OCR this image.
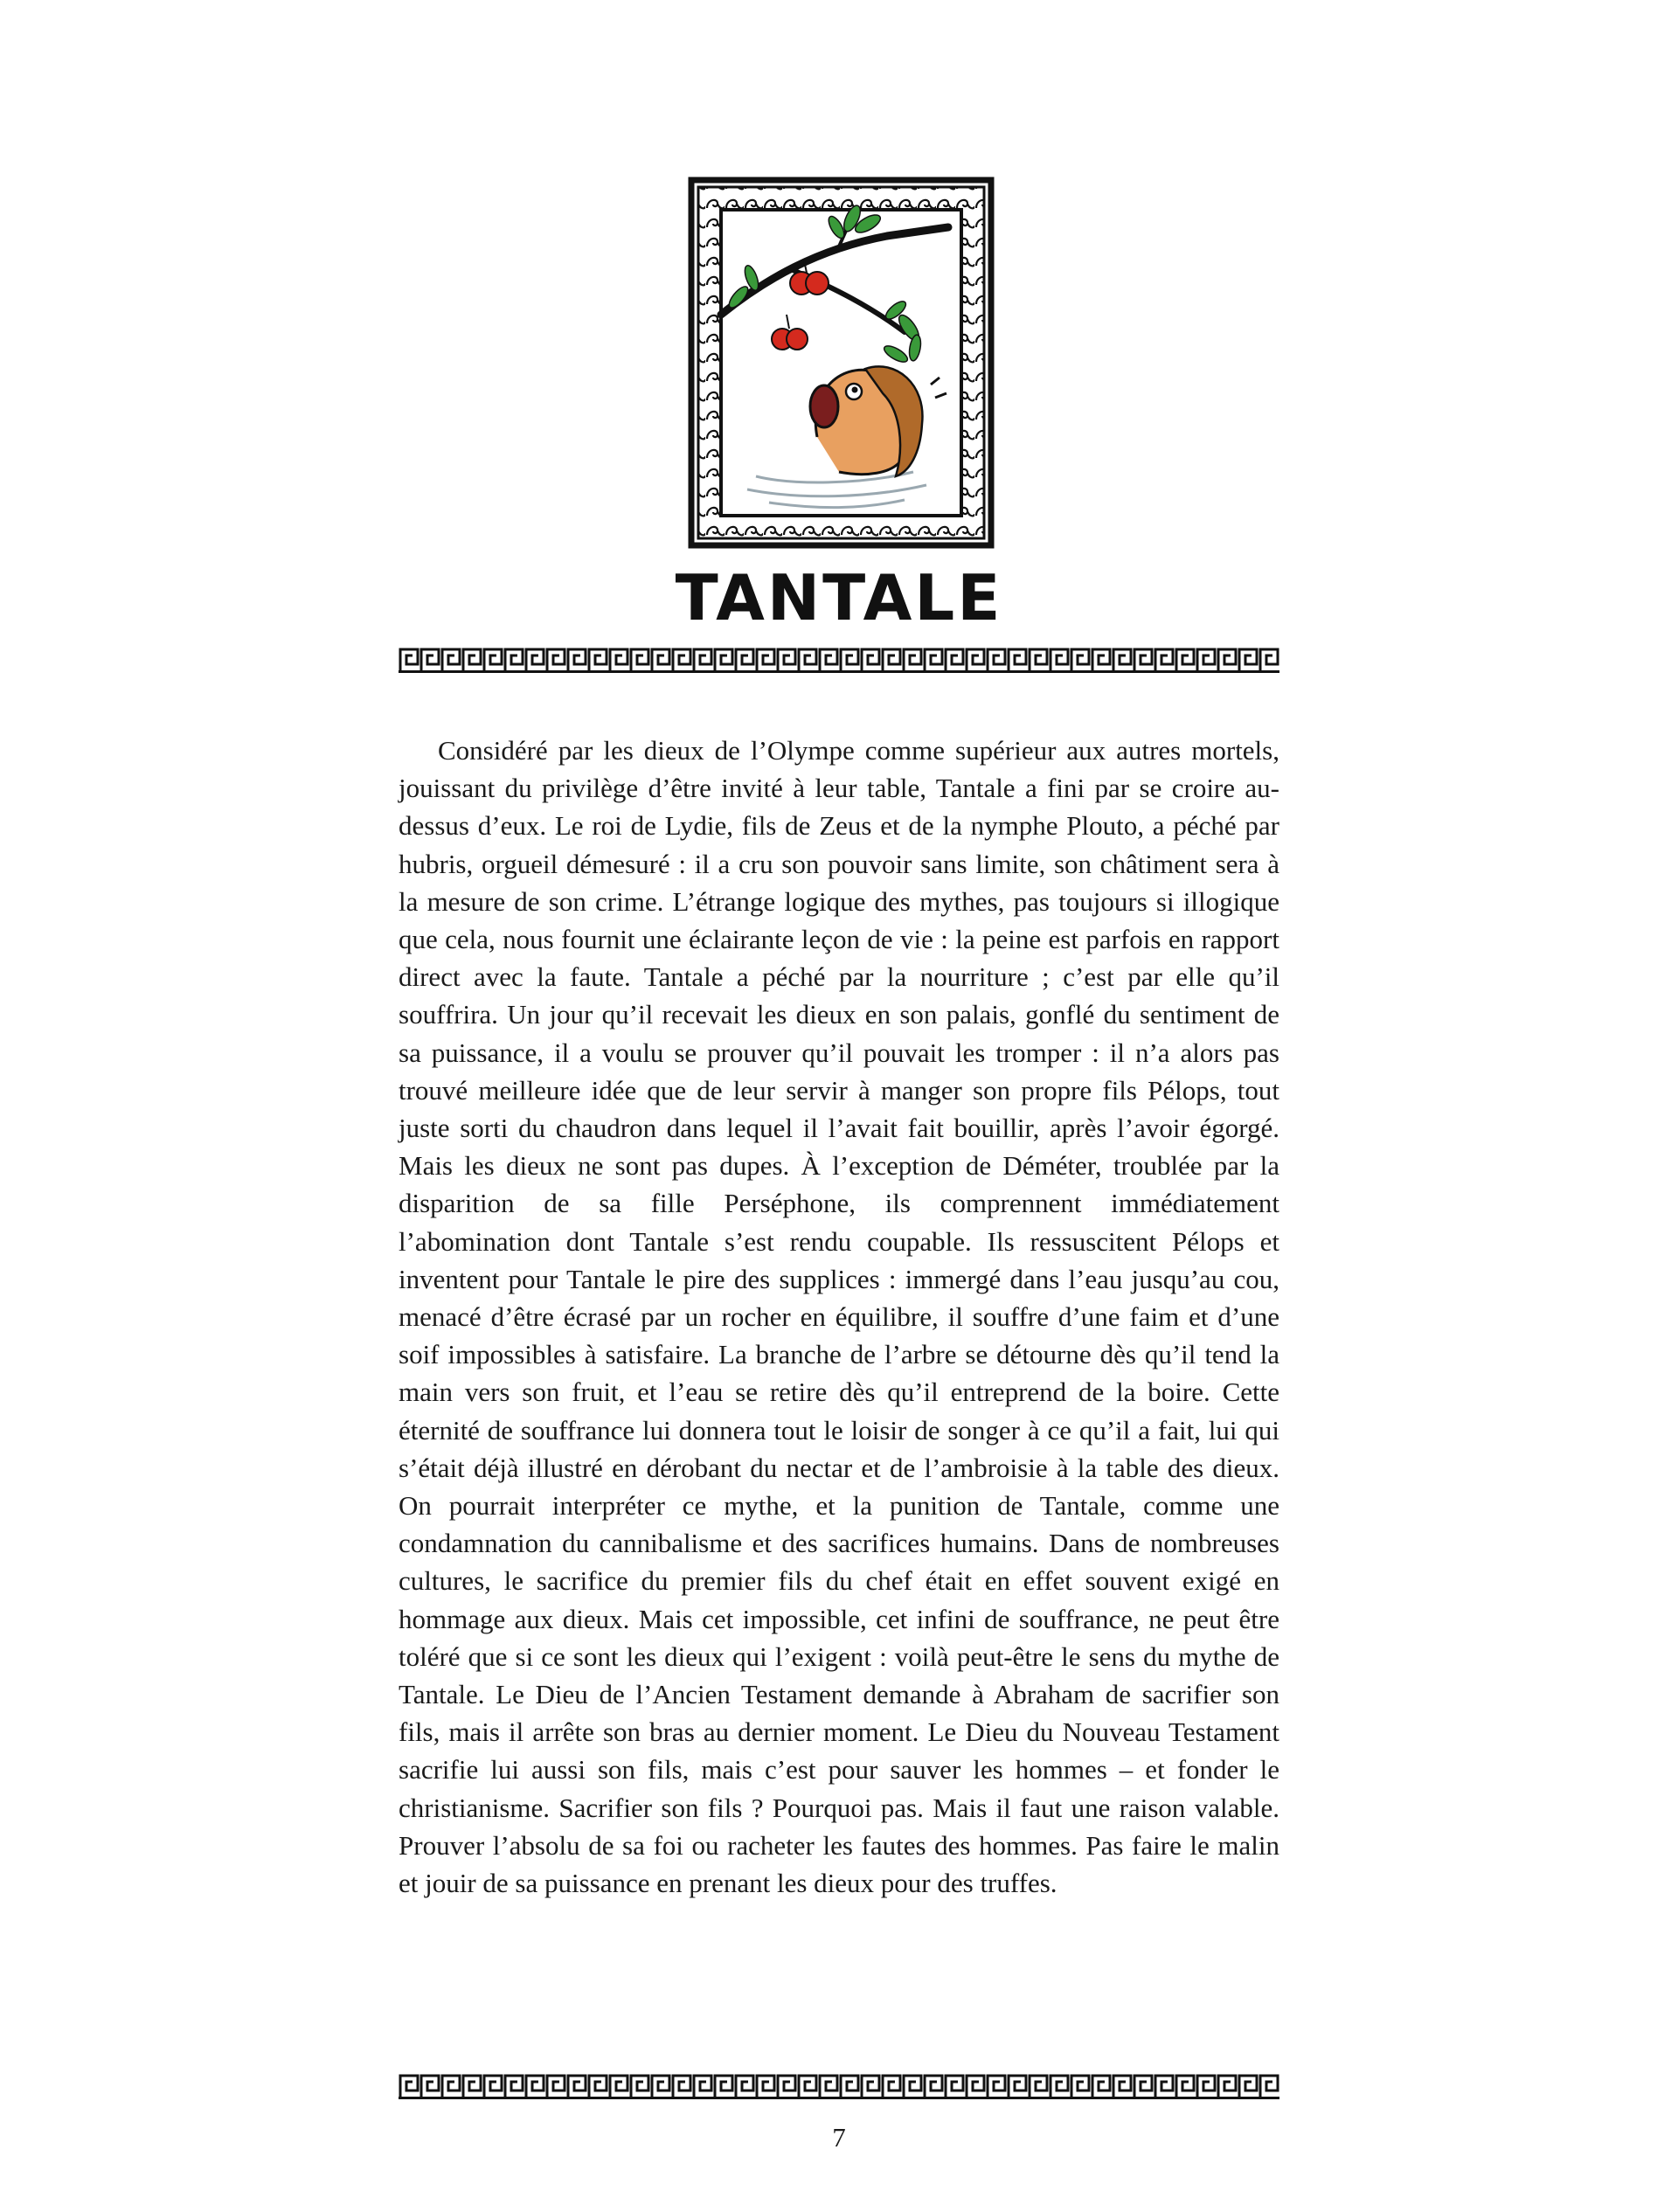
TANTALE

Considéré par les dieux de l’Olympe comme supérieur aux autres mortels, jouissant du privilège d’être invité à leur table, Tantale a fini par se croire au-dessus d’eux. Le roi de Lydie, fils de Zeus et de la nymphe Plouto, a péché par hubris, orgueil démesuré : il a cru son pouvoir sans limite, son châtiment sera à la mesure de son crime. L’étrange logique des mythes, pas toujours si illogique que cela, nous fournit une éclairante leçon de vie : la peine est parfois en rapport direct avec la faute. Tantale a péché par la nourriture ; c’est par elle qu’il souffrira. Un jour qu’il recevait les dieux en son palais, gonflé du sentiment de sa puissance, il a voulu se prouver qu’il pouvait les tromper : il n’a alors pas trouvé meilleure idée que de leur servir à manger son propre fils Pélops, tout juste sorti du chaudron dans lequel il l’avait fait bouillir, après l’avoir égorgé. Mais les dieux ne sont pas dupes. À l’exception de Déméter, troublée par la disparition de sa fille Perséphone, ils comprennent immédiatement l’abomination dont Tantale s’est rendu coupable. Ils ressuscitent Pélops et inventent pour Tantale le pire des supplices : immergé dans l’eau jusqu’au cou, menacé d’être écrasé par un rocher en équilibre, il souffre d’une faim et d’une soif impossibles à satisfaire. La branche de l’arbre se détourne dès qu’il tend la main vers son fruit, et l’eau se retire dès qu’il entreprend de la boire. Cette éternité de souffrance lui donnera tout le loisir de songer à ce qu’il a fait, lui qui s’était déjà illustré en dérobant du nectar et de l’ambroisie à la table des dieux. On pourrait interpréter ce mythe, et la punition de Tantale, comme une condamnation du cannibalisme et des sacrifices humains. Dans de nombreuses cultures, le sacrifice du premier fils du chef était en effet souvent exigé en hommage aux dieux. Mais cet impossible, cet infini de souffrance, ne peut être toléré que si ce sont les dieux qui l’exigent : voilà peut-être le sens du mythe de Tantale. Le Dieu de l’Ancien Testament demande à Abraham de sacrifier son fils, mais il arrête son bras au dernier moment. Le Dieu du Nouveau Testament sacrifie lui aussi son fils, mais c’est pour sauver les hommes – et fonder le christianisme. Sacrifier son fils ? Pourquoi pas. Mais il faut une raison valable. Prouver l’absolu de sa foi ou racheter les fautes des hommes. Pas faire le malin et jouir de sa puissance en prenant les dieux pour des truffes.

7
